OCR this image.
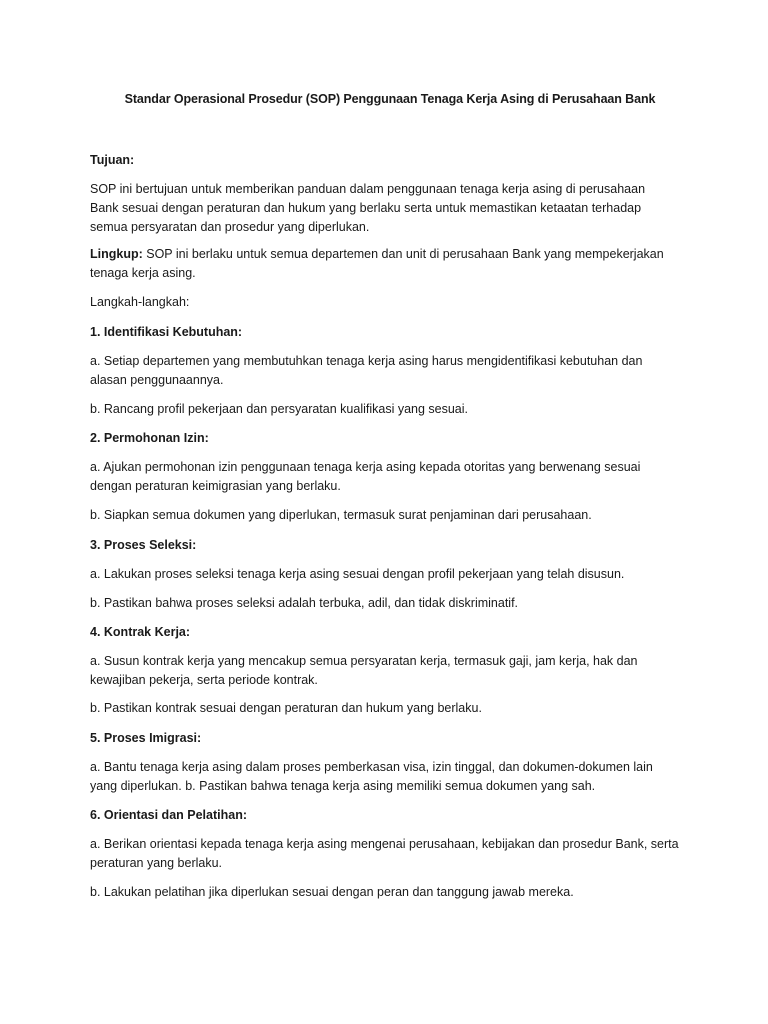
Standar Operasional Prosedur (SOP) Penggunaan Tenaga Kerja Asing di Perusahaan Bank
Tujuan:

SOP ini bertujuan untuk memberikan panduan dalam penggunaan tenaga kerja asing di perusahaan

Bank sesuai dengan peraturan dan hukum yang berlaku serta untuk memastikan ketaatan terhadap

semua persyaratan dan prosedur yang diperlukan.

Lingkup: SOP ini berlaku untuk semua departemen dan unit di perusahaan Bank yang mempekerjakan

tenaga kerja asing.

Langkah-langkah:
1. Identifikasi Kebutuhan:

a. Setiap departemen yang membutuhkan tenaga kerja asing harus mengidentifikasi kebutuhan dan

alasan penggunaannya.

b. Rancang profil pekerjaan dan persyaratan kualifikasi yang sesuai.
2. Permohonan Izin:

a. Ajukan permohonan izin penggunaan tenaga kerja asing kepada otoritas yang berwenang sesuai

dengan peraturan keimigrasian yang berlaku.

b. Siapkan semua dokumen yang diperlukan, termasuk surat penjaminan dari perusahaan.
3. Proses Seleksi:
a. Lakukan proses seleksi tenaga kerja asing sesuai dengan profil pekerjaan yang telah disusun.
b. Pastikan bahwa proses seleksi adalah terbuka, adil, dan tidak diskriminatif.
4. Kontrak Kerja:

a. Susun kontrak kerja yang mencakup semua persyaratan kerja, termasuk gaji, jam kerja, hak dan

kewajiban pekerja, serta periode kontrak.

b. Pastikan kontrak sesuai dengan peraturan dan hukum yang berlaku.
5. Proses Imigrasi:

a. Bantu tenaga kerja asing dalam proses pemberkasan visa, izin tinggal, dan dokumen-dokumen lain

yang diperlukan. b. Pastikan bahwa tenaga kerja asing memiliki semua dokumen yang sah.

6. Orientasi dan Pelatihan:

a. Berikan orientasi kepada tenaga kerja asing mengenai perusahaan, kebijakan dan prosedur Bank, serta

peraturan yang berlaku.

b. Lakukan pelatihan jika diperlukan sesuai dengan peran dan tanggung jawab mereka.
